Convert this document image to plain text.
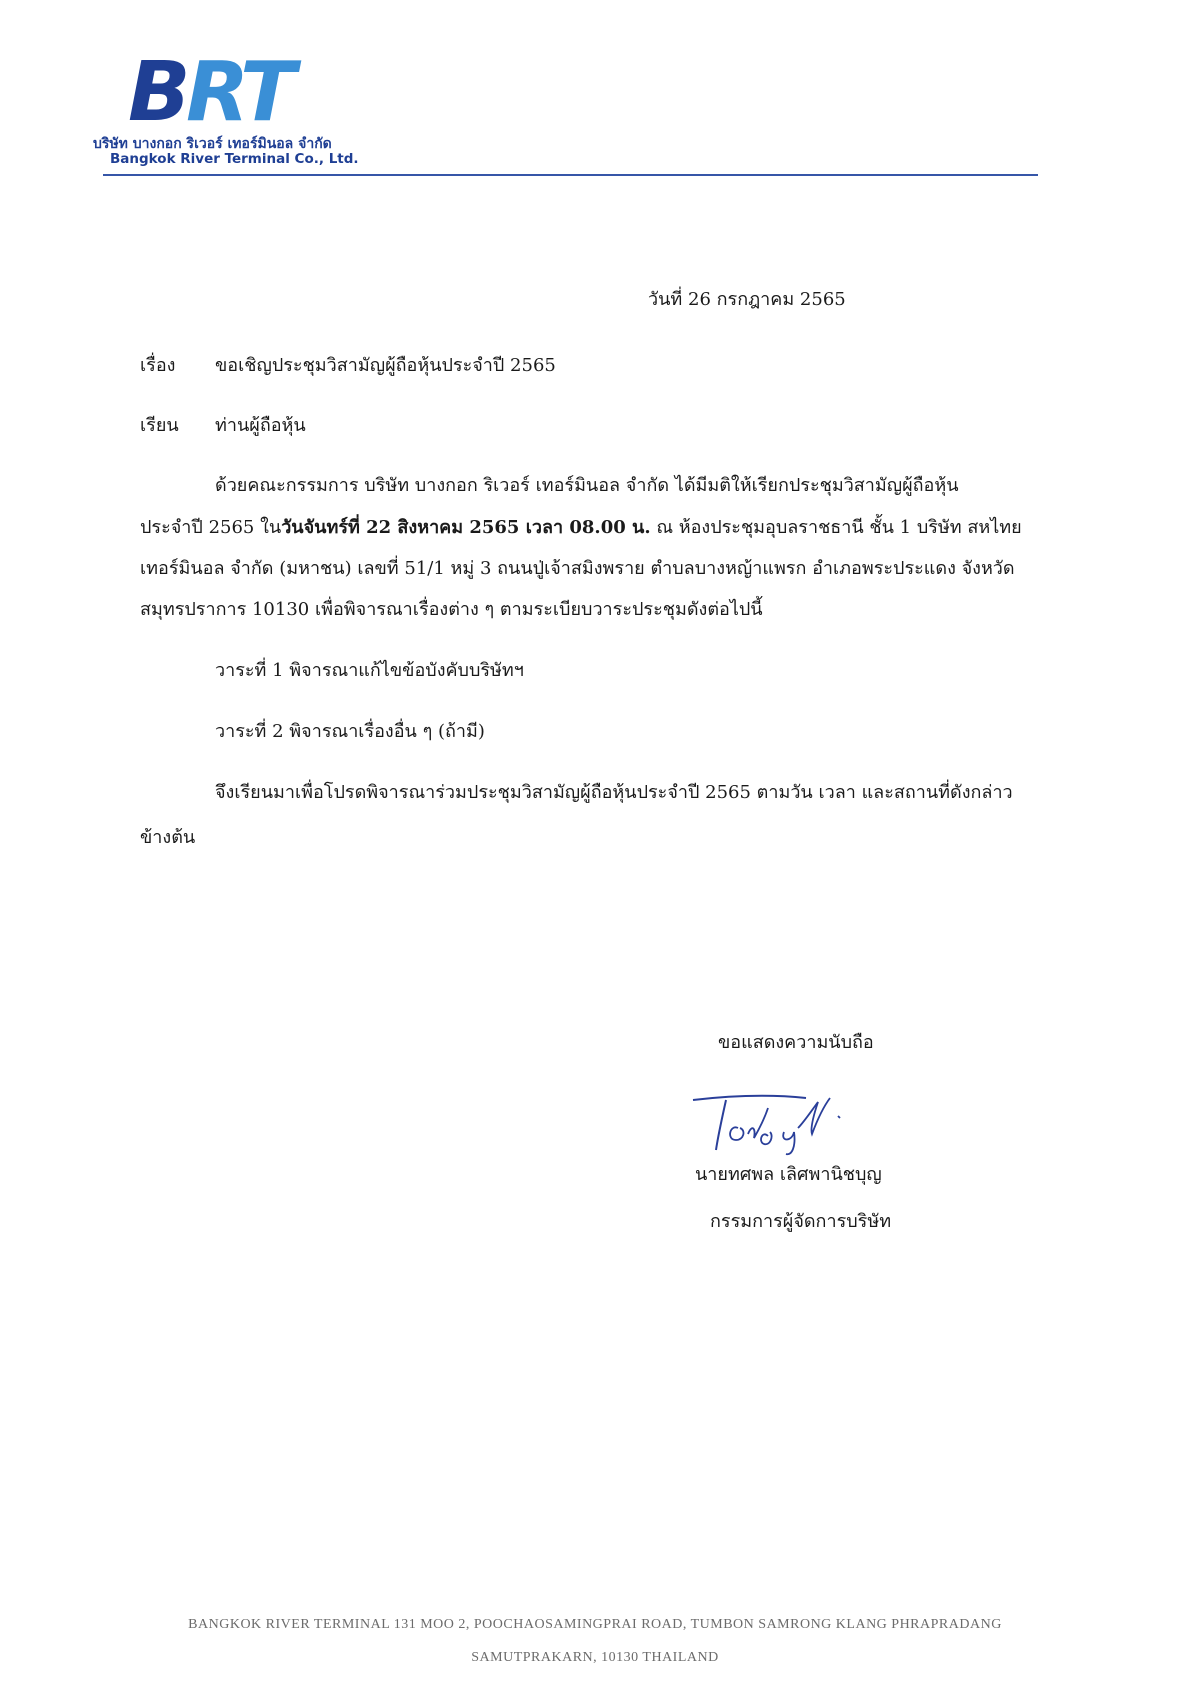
B R
T
บริษัท บางกอก ริเวอร์ เทอร์มินอล จำกัด
Bangkok River Terminal Co., Ltd.
วันที่ 26 กรกฎาคม 2565
เรื่อง ขอเชิญประชุมวิสามัญผู้ถือหุ้นประจำปี 2565
เรียน ท่านผู้ถือหุ้น
ด้วยคณะกรรมการ บริษัท บางกอก ริเวอร์ เทอร์มินอล จำกัด ได้มีมติให้เรียกประชุมวิสามัญผู้ถือหุ้น
ประจำปี 2565 ในวันจันทร์ที่ 22 สิงหาคม 2565 เวลา 08.00 น. ณ ห้องประชุมอุบลราชธานี ชั้น 1 บริษัท สหไทย
เทอร์มินอล จำกัด (มหาชน) เลขที่ 51/1 หมู่ 3 ถนนปู่เจ้าสมิงพราย ตำบลบางหญ้าแพรก อำเภอพระประแดง จังหวัด
สมุทรปราการ 10130 เพื่อพิจารณาเรื่องต่าง ๆ ตามระเบียบวาระประชุมดังต่อไปนี้
วาระที่ 1 พิจารณาแก้ไขข้อบังคับบริษัทฯ
วาระที่ 2 พิจารณาเรื่องอื่น ๆ (ถ้ามี)
จึงเรียนมาเพื่อโปรดพิจารณาร่วมประชุมวิสามัญผู้ถือหุ้นประจำปี 2565 ตามวัน เวลา และสถานที่ดังกล่าว
ข้างต้น
ขอแสดงความนับถือ
นายทศพล เลิศพานิชบุญ
กรรมการผู้จัดการบริษัท
BANGKOK RIVER TERMINAL 131 MOO 2, POOCHAOSAMINGPRAI ROAD, TUMBON SAMRONG KLANG PHRAPRADANG
SAMUTPRAKARN, 10130 THAILAND
